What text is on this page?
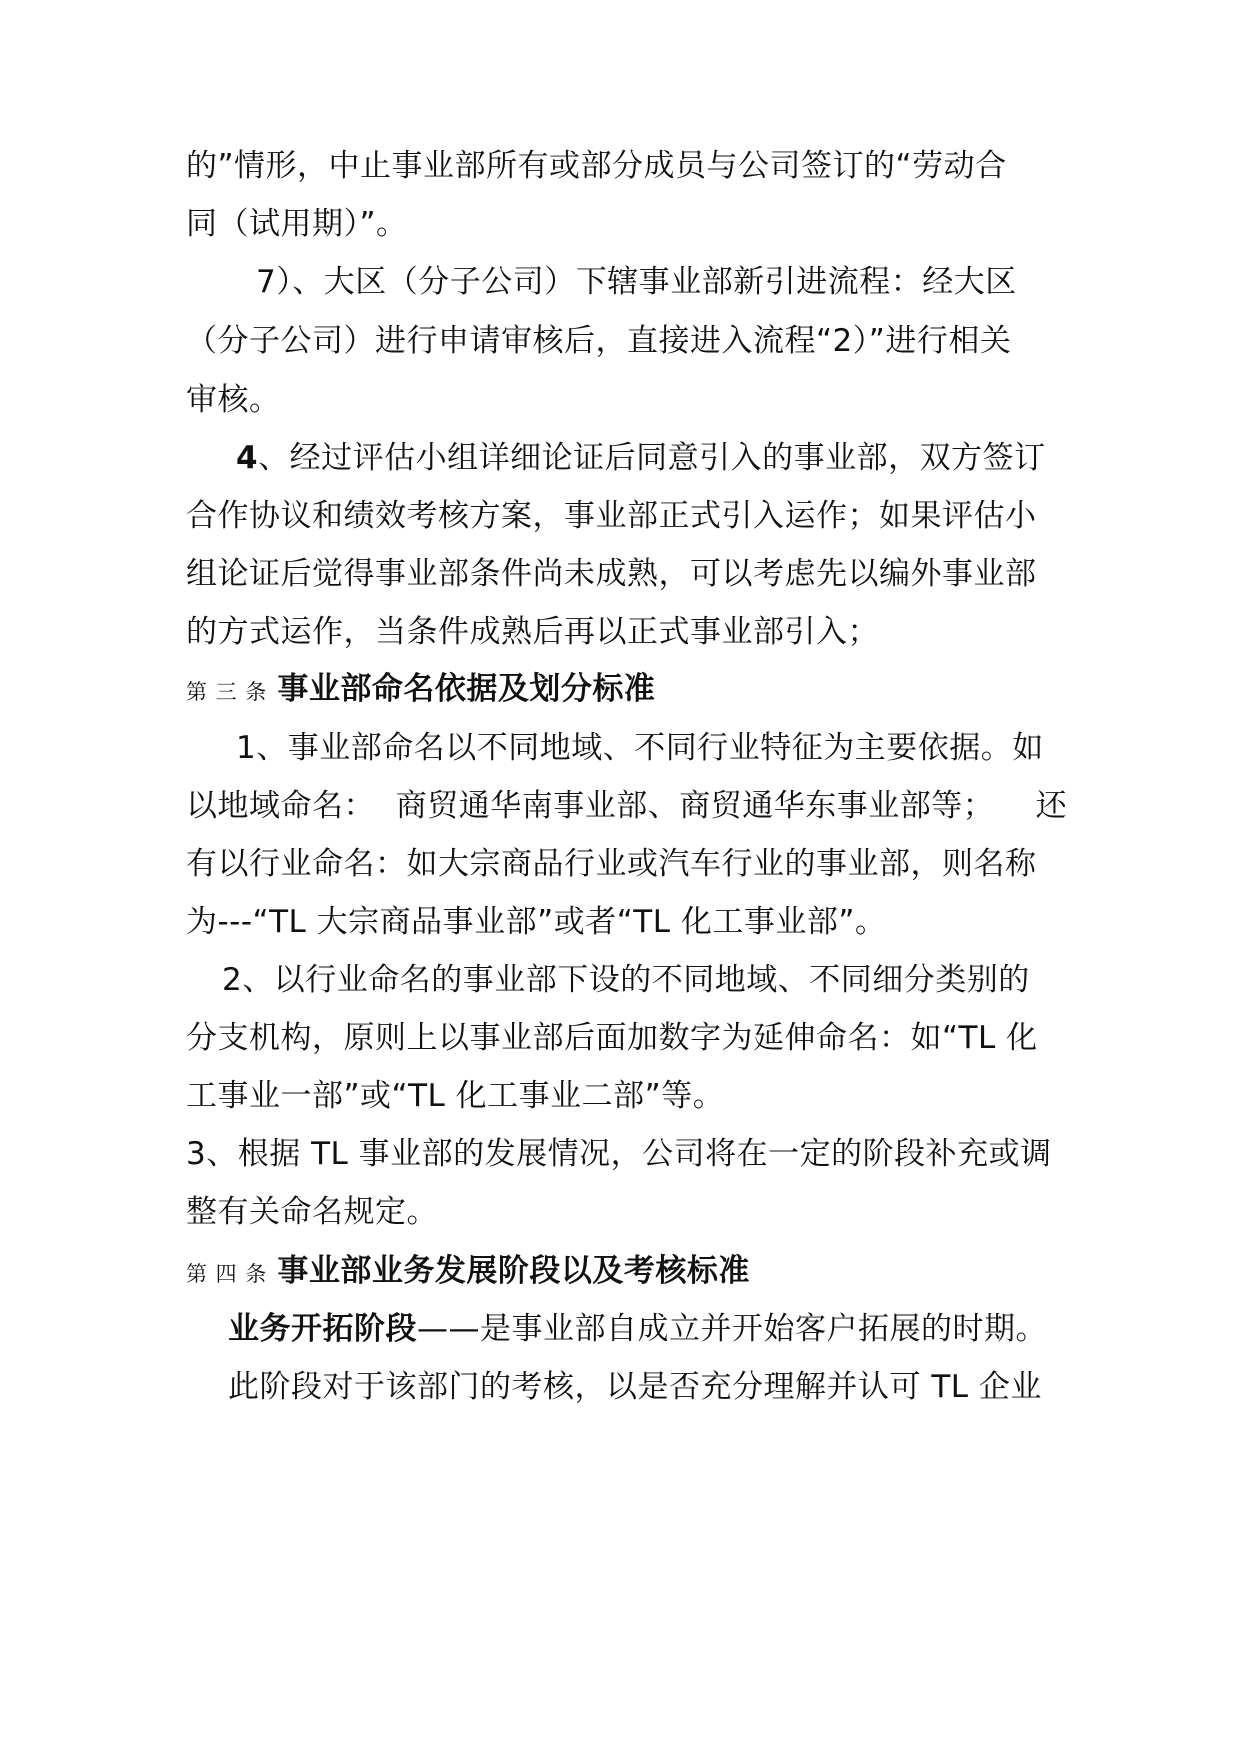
的”情形，中止事业部所有或部分成员与公司签订的“劳动合
同（试用期）”。
7）、大区（分子公司）下辖事业部新引进流程：经大区
（分子公司）进行申请审核后，直接进入流程“2）”进行相关
审核。
4、经过评估小组详细论证后同意引入的事业部，双方签订
合作协议和绩效考核方案，事业部正式引入运作；如果评估小
组论证后觉得事业部条件尚未成熟，可以考虑先以编外事业部
的方式运作，当条件成熟后再以正式事业部引入；
第 三 条 事业部命名依据及划分标准
1、事业部命名以不同地域、不同行业特征为主要依据。如
以地域命名：  商贸通华南事业部、商贸通华东事业部等；    还
有以行业命名：如大宗商品行业或汽车行业的事业部，则名称
为---“TL 大宗商品事业部”或者“TL 化工事业部”。
2、以行业命名的事业部下设的不同地域、不同细分类别的
分支机构，原则上以事业部后面加数字为延伸命名：如“TL 化
工事业一部”或“TL 化工事业二部”等。
3、根据 TL 事业部的发展情况，公司将在一定的阶段补充或调
整有关命名规定。
第 四 条 事业部业务发展阶段以及考核标准
业务开拓阶段——是事业部自成立并开始客户拓展的时期。
此阶段对于该部门的考核，以是否充分理解并认可 TL 企业
